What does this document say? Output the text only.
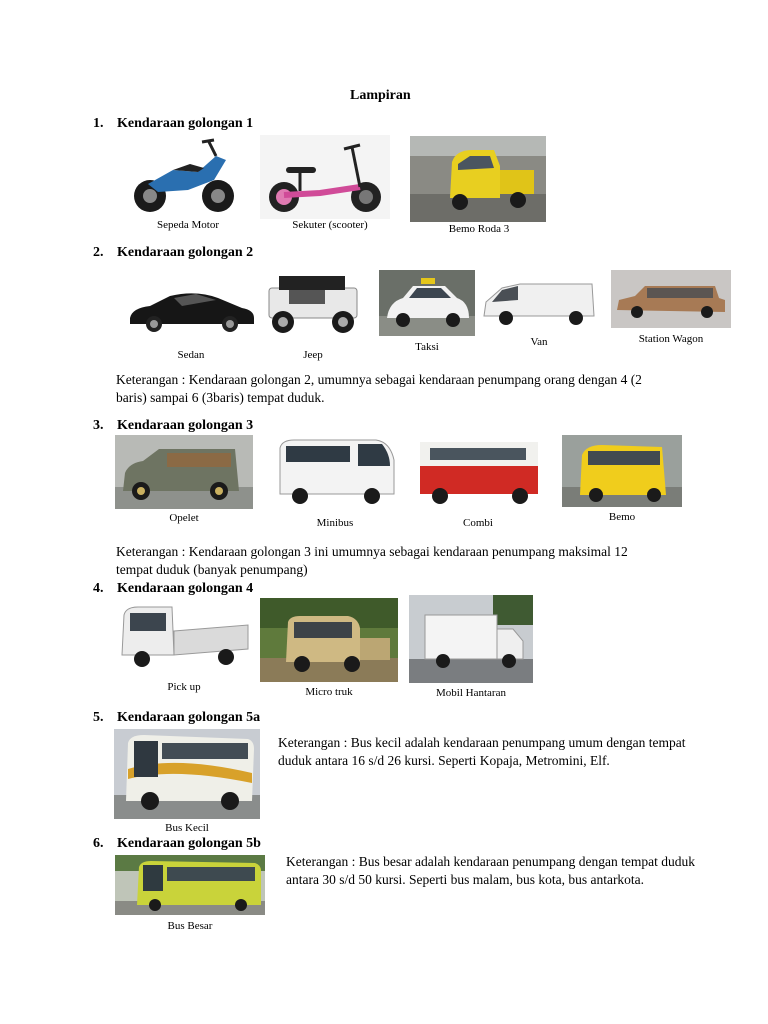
Lampiran
1. Kendaraan golongan 1
Sepeda Motor	Sekuter (scooter)	Bemo Roda 3
2. Kendaraan golongan 2
Sedan	Jeep
Taksi	Van	Station Wagon
Keterangan : Kendaraan golongan 2, umumnya sebagai kendaraan penumpang orang dengan 4 (2 baris) sampai 6 (3baris) tempat duduk.
3. Kendaraan golongan 3
Opelet	Minibus	Combi	Bemo
Keterangan : Kendaraan golongan 3 ini umumnya sebagai kendaraan penumpang maksimal 12 tempat duduk (banyak penumpang)
4. Kendaraan golongan 4
Pick up	Micro truk	Mobil Hantaran
5. Kendaraan golongan 5a
Bus Kecil
Keterangan : Bus kecil adalah kendaraan penumpang umum dengan tempat duduk antara 16 s/d 26 kursi. Seperti Kopaja, Metromini, Elf.
6. Kendaraan golongan 5b
Bus Besar
Keterangan : Bus besar adalah kendaraan penumpang dengan tempat duduk antara 30 s/d 50 kursi. Seperti bus malam, bus kota, bus antarkota.
